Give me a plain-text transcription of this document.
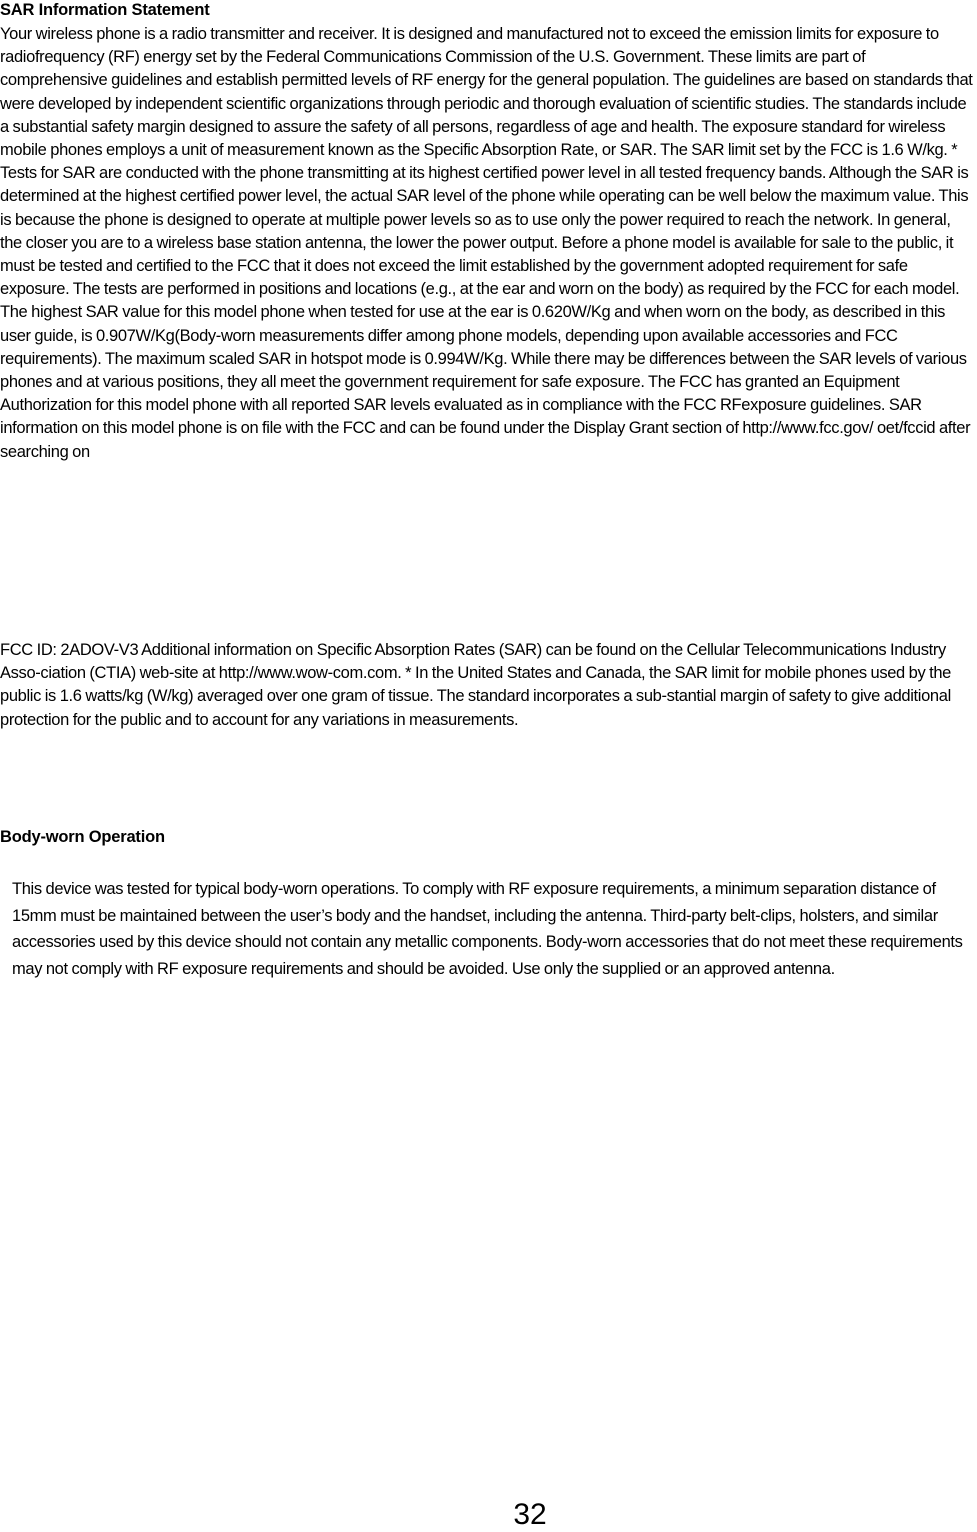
SAR Information Statement
Your wireless phone is a radio transmitter and receiver. It is designed and manufactured not to exceed the emission limits for exposure to radiofrequency (RF) energy set by the Federal Communications Commission of the U.S. Government. These limits are part of comprehensive guidelines and establish permitted levels of RF energy for the general population. The guidelines are based on standards that were developed by independent scientific organizations through periodic and thorough evaluation of scientific studies. The standards include a substantial safety margin designed to assure the safety of all persons, regardless of age and health. The exposure standard for wireless mobile phones employs a unit of measurement known as the Specific Absorption Rate, or SAR. The SAR limit set by the FCC is 1.6 W/kg. * Tests for SAR are conducted with the phone transmitting at its highest certified power level in all tested frequency bands. Although the SAR is determined at the highest certified power level, the actual SAR level of the phone while operating can be well below the maximum value. This is because the phone is designed to operate at multiple power levels so as to use only the power required to reach the network. In general, the closer you are to a wireless base station antenna, the lower the power output. Before a phone model is available for sale to the public, it must be tested and certified to the FCC that it does not exceed the limit established by the government adopted requirement for safe exposure. The tests are performed in positions and locations (e.g., at the ear and worn on the body) as required by the FCC for each model. The highest SAR value for this model phone when tested for use at the ear is 0.620W/Kg and when worn on the body, as described in this user guide, is 0.907W/Kg(Body-worn measurements differ among phone models, depending upon available accessories and FCC requirements). The maximum scaled SAR in hotspot mode is 0.994W/Kg. While there may be differences between the SAR levels of various phones and at various positions, they all meet the government requirement for safe exposure. The FCC has granted an Equipment Authorization for this model phone with all reported SAR levels evaluated as in compliance with the FCC RFexposure guidelines. SAR information on this model phone is on file with the FCC and can be found under the Display Grant section of http://www.fcc.gov/ oet/fccid after searching on
FCC ID: 2ADOV-V3 Additional information on Specific Absorption Rates (SAR) can be found on the Cellular Telecommunications Industry Asso-ciation (CTIA) web-site at http://www.wow-com.com. * In the United States and Canada, the SAR limit for mobile phones used by the public is 1.6 watts/kg (W/kg) averaged over one gram of tissue. The standard incorporates a sub-stantial margin of safety to give additional protection for the public and to account for any variations in measurements.
Body-worn Operation
This device was tested for typical body-worn operations. To comply with RF exposure requirements, a minimum separation distance of 15mm must be maintained between the user’s body and the handset, including the antenna. Third-party belt-clips, holsters, and similar accessories used by this device should not contain any metallic components. Body-worn accessories that do not meet these requirements may not comply with RF exposure requirements and should be avoided. Use only the supplied or an approved antenna.
32
